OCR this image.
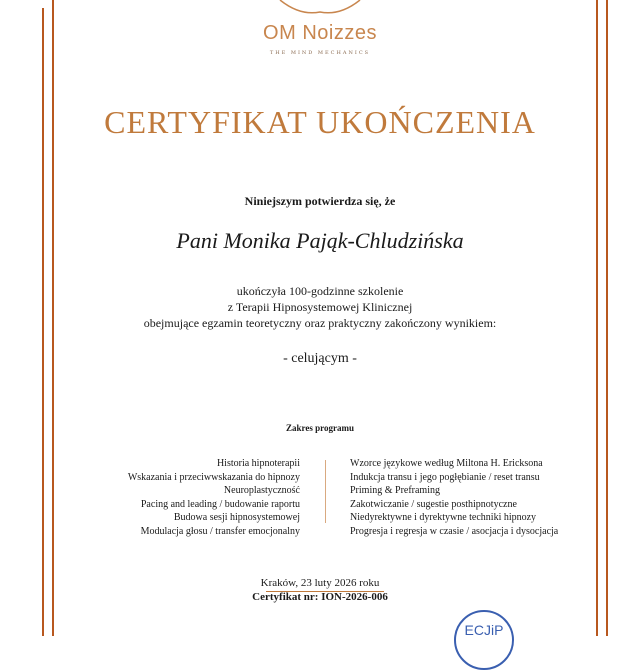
OM Noizzes
THE MIND MECHANICS
CERTYFIKAT UKOŃCZENIA
Niniejszym potwierdza się, że
Pani Monika Pająk-Chludzińska
ukończyła 100-godzinne szkolenie
z Terapii Hipnosystemowej Klinicznej
obejmujące egzamin teoretyczny oraz praktyczny zakończony wynikiem:
- celującym -
Zakres programu
Historia hipnoterapii
Wskazania i przeciwwskazania do hipnozy
Neuroplastyczność
Pacing and leading / budowanie raportu
Budowa sesji hipnosystemowej
Modulacja głosu / transfer emocjonalny
Wzorce językowe według Miltona H. Ericksona
Indukcja transu i jego pogłębianie / reset transu
Priming & Preframing
Zakotwiczanie / sugestie posthipnotyczne
Niedyrektywne i dyrektywne techniki hipnozy
Progresja i regresja w czasie / asocjacja i dysocjacja
Kraków, 23 luty 2026 roku
Certyfikat nr: ION-2026-006
ECJiP
